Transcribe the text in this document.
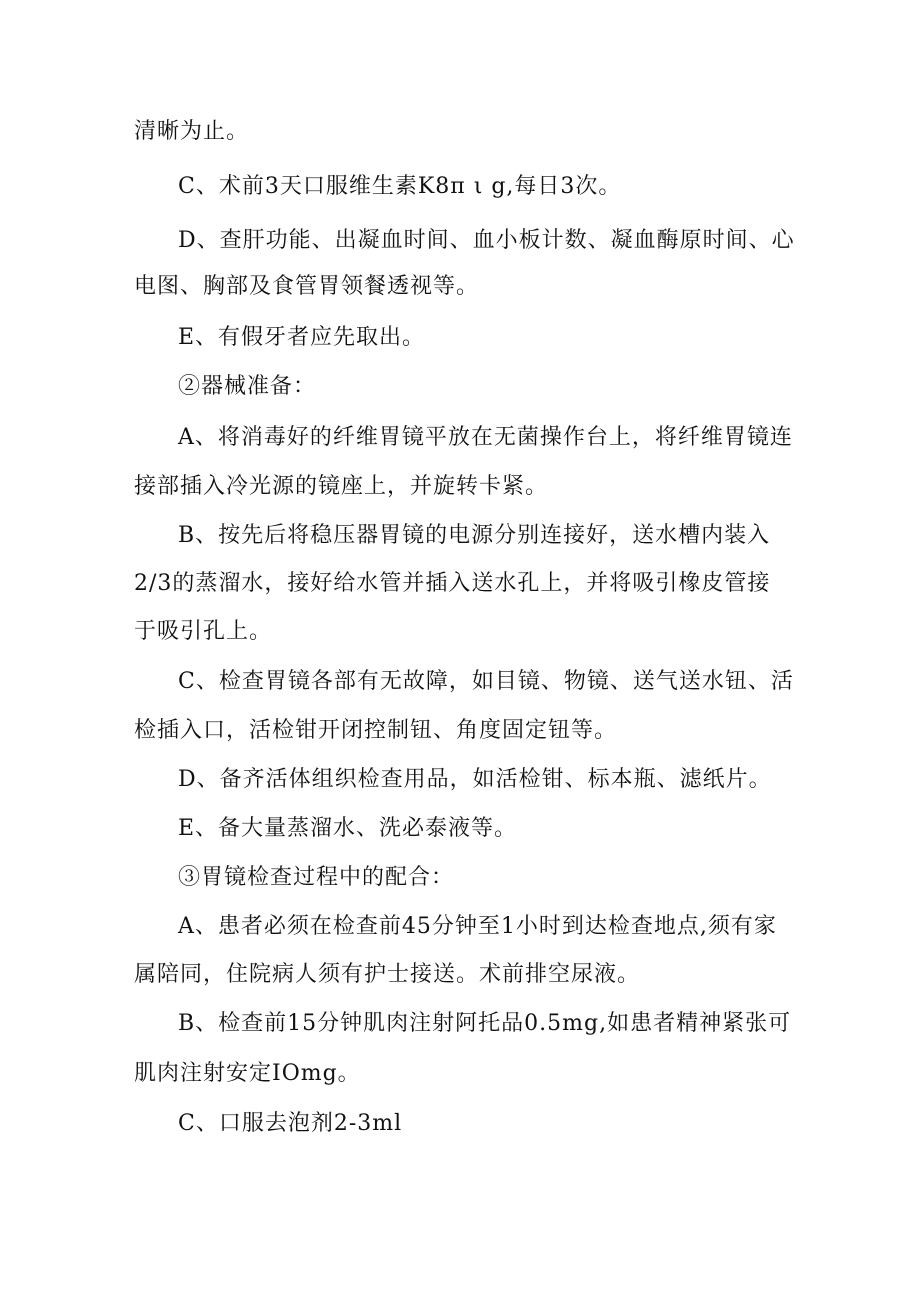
清晰为止。

C、术前3天口服维生素K8π ι g,每日3次。

D、查肝功能、出凝血时间、血小板计数、凝血酶原时间、心

电图、胸部及食管胃领餐透视等。

E、有假牙者应先取出。

②器械准备：

A、将消毒好的纤维胃镜平放在无菌操作台上，将纤维胃镜连

接部插入冷光源的镜座上，并旋转卡紧。

B、按先后将稳压器胃镜的电源分别连接好，送水槽内装入

2/3的蒸溜水，接好给水管并插入送水孔上，并将吸引橡皮管接

于吸引孔上。

C、检查胃镜各部有无故障，如目镜、物镜、送气送水钮、活

检插入口，活检钳开闭控制钮、角度固定钮等。

D、备齐活体组织检查用品，如活检钳、标本瓶、滤纸片。

E、备大量蒸溜水、洗必泰液等。

③胃镜检查过程中的配合：

A、患者必须在检查前45分钟至1小时到达检查地点,须有家

属陪同，住院病人须有护士接送。术前排空尿液。

B、检查前15分钟肌肉注射阿托品0.5mg,如患者精神紧张可

肌肉注射安定IOmg。

C、口服去泡剂2-3ml
